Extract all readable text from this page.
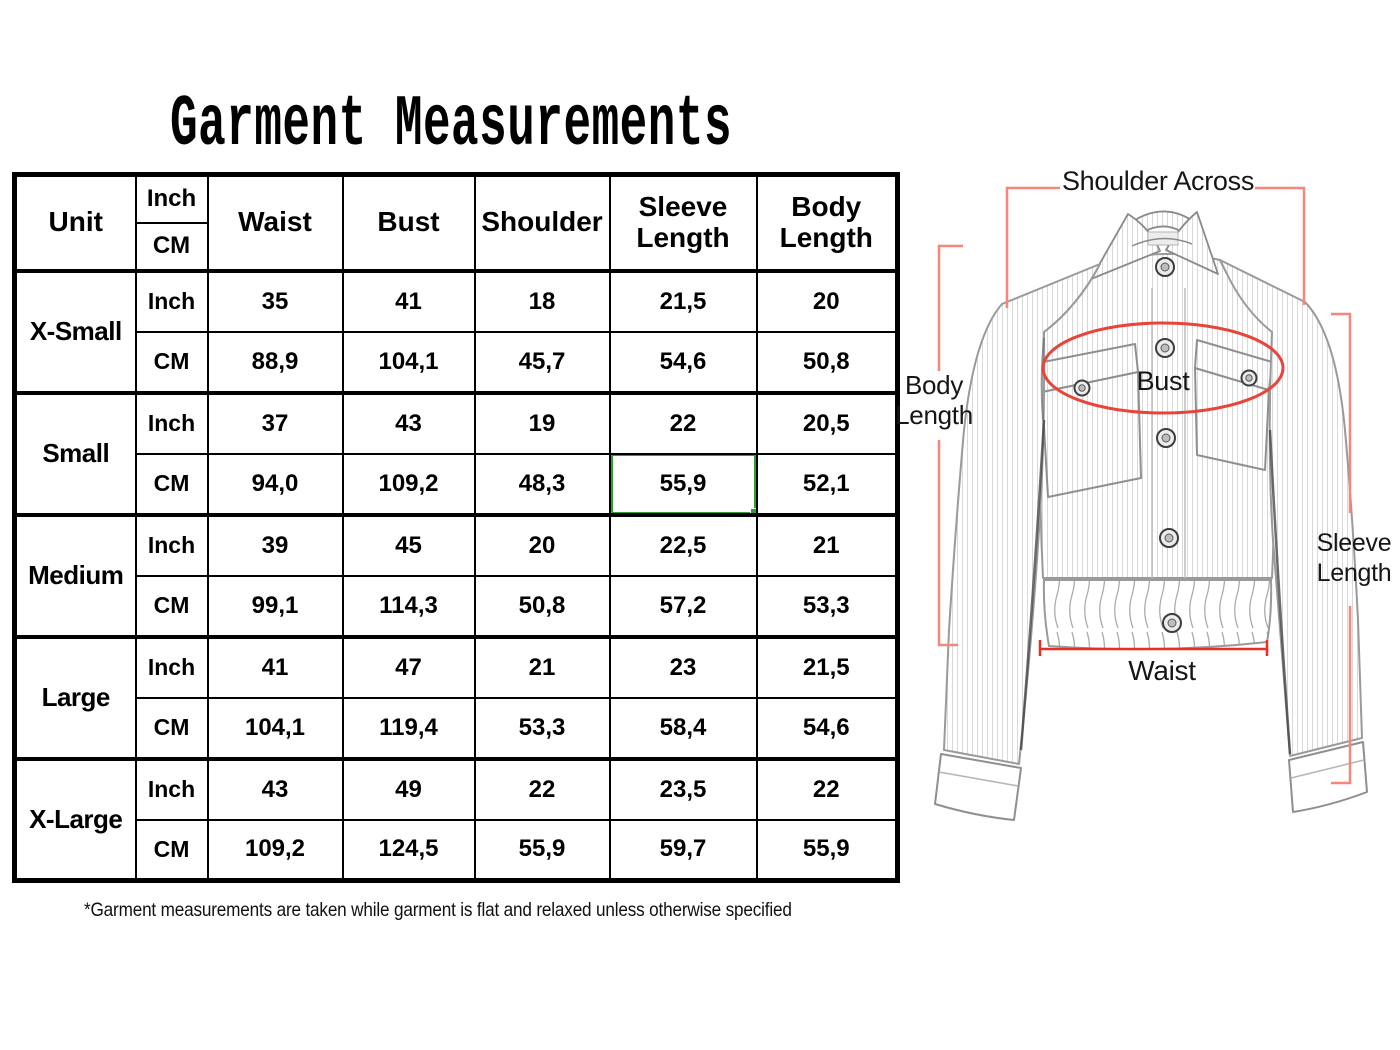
Garment Measurements
Unit	Inch	Waist	Bust	Shoulder	Sleeve Length	Body Length
	CM					
X-Small	Inch	35	41	18	21,5	20
	CM	88,9	104,1	45,7	54,6	50,8
Small	Inch	37	43	19	22	20,5
	CM	94,0	109,2	48,3	55,9	52,1
Medium	Inch	39	45	20	22,5	21
	CM	99,1	114,3	50,8	57,2	53,3
Large	Inch	41	47	21	23	21,5
	CM	104,1	119,4	53,3	58,4	54,6
X-Large	Inch	43	49	22	23,5	22
	CM	109,2	124,5	55,9	59,7	55,9
*Garment measurements are taken while garment is flat and relaxed unless otherwise specified
Shoulder Across
Body Length
Bust
Sleeve Length
Waist
